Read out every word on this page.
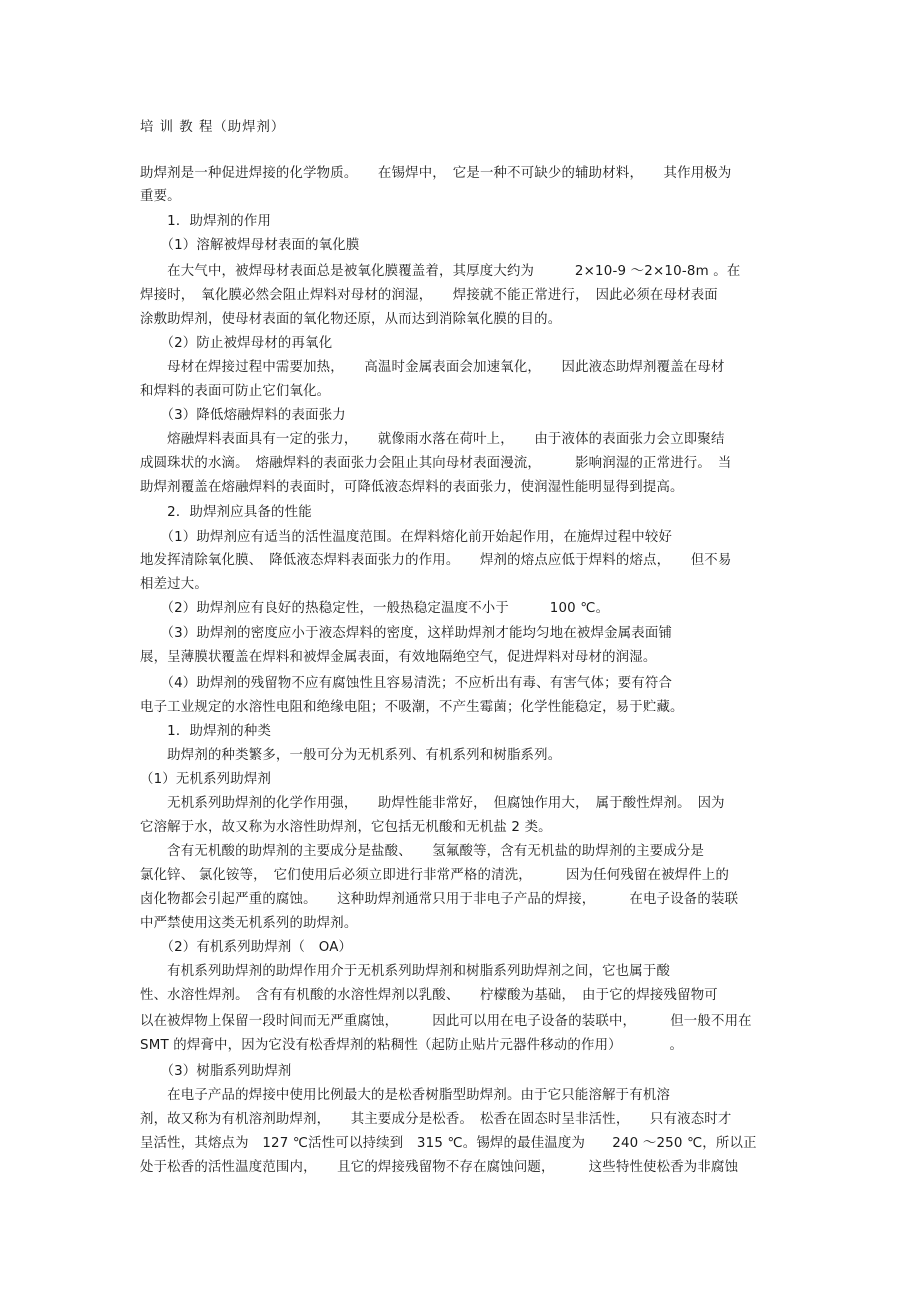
培 训 教 程（助焊剂）
助焊剂是一种促进焊接的化学物质。　　在锡焊中，　它是一种不可缺少的辅助材料，　　其作用极为
重要。
　　1．助焊剂的作用
　　（1）溶解被焊母材表面的氧化膜
　　在大气中，被焊母材表面总是被氧化膜覆盖着，其厚度大约为　　　2×10-9 ～2×10-8m 。在
焊接时，　氧化膜必然会阻止焊料对母材的润湿，　　焊接就不能正常进行，　因此必须在母材表面
涂敷助焊剂，使母材表面的氧化物还原，从而达到消除氧化膜的目的。
　　（2）防止被焊母材的再氧化
　　母材在焊接过程中需要加热，　　高温时金属表面会加速氧化，　　因此液态助焊剂覆盖在母材
和焊料的表面可防止它们氧化。
　　（3）降低熔融焊料的表面张力
　　熔融焊料表面具有一定的张力，　　就像雨水落在荷叶上，　　由于液体的表面张力会立即聚结
成圆珠状的水滴。　熔融焊料的表面张力会阻止其向母材表面漫流，　　　影响润湿的正常进行。　当
助焊剂覆盖在熔融焊料的表面时，可降低液态焊料的表面张力，使润湿性能明显得到提高。
　　2．助焊剂应具备的性能
　　（1）助焊剂应有适当的活性温度范围。在焊料熔化前开始起作用，在施焊过程中较好
地发挥清除氧化膜、　降低液态焊料表面张力的作用。　　焊剂的熔点应低于焊料的熔点，　　但不易
相差过大。
　　（2）助焊剂应有良好的热稳定性，一般热稳定温度不小于　　　100 ℃。
　　（3）助焊剂的密度应小于液态焊料的密度，这样助焊剂才能均匀地在被焊金属表面铺
展，呈薄膜状覆盖在焊料和被焊金属表面，有效地隔绝空气，促进焊料对母材的润湿。
　　（4）助焊剂的残留物不应有腐蚀性且容易清洗；不应析出有毒、有害气体；要有符合
电子工业规定的水溶性电阻和绝缘电阻；不吸潮，不产生霉菌；化学性能稳定，易于贮藏。
　　1．助焊剂的种类
　　助焊剂的种类繁多，一般可分为无机系列、有机系列和树脂系列。
（1）无机系列助焊剂
　　无机系列助焊剂的化学作用强，　　助焊性能非常好，　但腐蚀作用大，　属于酸性焊剂。　因为
它溶解于水，故又称为水溶性助焊剂，它包括无机酸和无机盐 2 类。
　　含有无机酸的助焊剂的主要成分是盐酸、　　氢氟酸等，含有无机盐的助焊剂的主要成分是
氯化锌、 氯化铵等，　它们使用后必须立即进行非常严格的清洗，　　　因为任何残留在被焊件上的
卤化物都会引起严重的腐蚀。　　这种助焊剂通常只用于非电子产品的焊接，　　　在电子设备的装联
中严禁使用这类无机系列的助焊剂。
　　（2）有机系列助焊剂（　OA）
　　有机系列助焊剂的助焊作用介于无机系列助焊剂和树脂系列助焊剂之间，它也属于酸
性、水溶性焊剂。　含有有机酸的水溶性焊剂以乳酸、　　柠檬酸为基础，　由于它的焊接残留物可
以在被焊物上保留一段时间而无严重腐蚀，　　　因此可以用在电子设备的装联中，　　　但一般不用在
SMT 的焊膏中，因为它没有松香焊剂的粘稠性（起防止贴片元器件移动的作用）　　　　。
　　（3）树脂系列助焊剂
　　在电子产品的焊接中使用比例最大的是松香树脂型助焊剂。由于它只能溶解于有机溶
剂，故又称为有机溶剂助焊剂，　　其主要成分是松香。　松香在固态时呈非活性，　　只有液态时才
呈活性，其熔点为　127 ℃活性可以持续到　315 ℃。锡焊的最佳温度为　　240 ～250 ℃，所以正
处于松香的活性温度范围内，　　且它的焊接残留物不存在腐蚀问题，　　　这些特性使松香为非腐蚀
